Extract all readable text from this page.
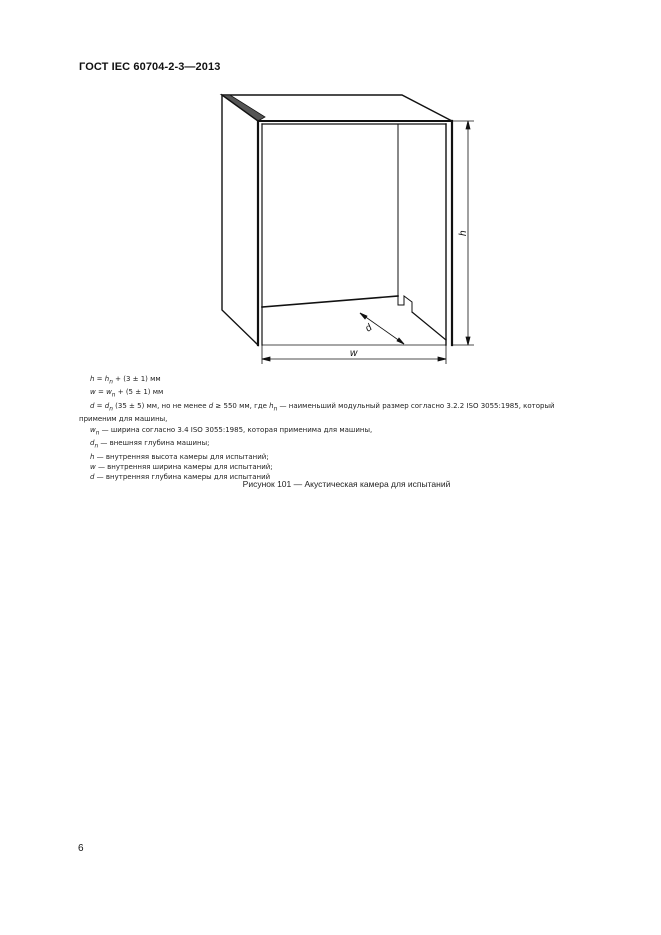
ГОСТ IEC 60704-2-3—2013
h
w
d
$h = h_n + (3 \pm 1)$ мм
$w = w_n + (5 \pm 1)$ мм
$d = d_n$ (35 ± 5) мм, но не менее d ≥ 550 мм, где $h_n$ — наименьший модульный размер согласно 3.2.2 ISO 3055:1985, который
применим для машины,
$w_n$ — ширина согласно 3.4 ISO 3055:1985, которая применима для машины,
$d_n$ — внешняя глубина машины;
h — внутренняя высота камеры для испытаний;
w — внутренняя ширина камеры для испытаний;
d — внутренняя глубина камеры для испытаний
Рисунок 101 — Акустическая камера для испытаний
6
